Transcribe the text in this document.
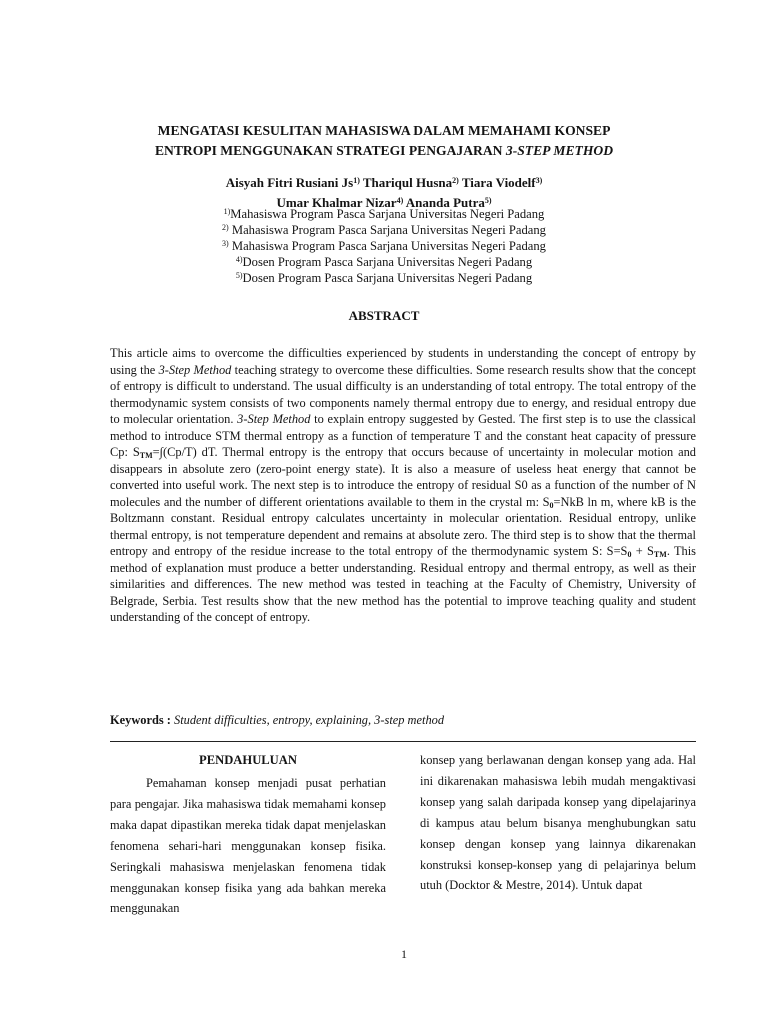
MENGATASI KESULITAN MAHASISWA DALAM MEMAHAMI KONSEP
ENTROPI MENGGUNAKAN STRATEGI PENGAJARAN 3-STEP METHOD
Aisyah Fitri Rusiani Js$^{1)}$ Thariqul Husna$^{2)}$ Tiara Viodelf$^{3)}$
Umar Khalmar Nizar$^{4)}$ Ananda Putra$^{5)}$
$^{1)}$Mahasiswa Program Pasca Sarjana Universitas Negeri Padang
$^{2)}$ Mahasiswa Program Pasca Sarjana Universitas Negeri Padang
$^{3)}$ Mahasiswa Program Pasca Sarjana Universitas Negeri Padang
$^{4)}$Dosen Program Pasca Sarjana Universitas Negeri Padang
$^{5)}$Dosen Program Pasca Sarjana Universitas Negeri Padang
ABSTRACT

This article aims to overcome the difficulties experienced by students in understanding the concept of entropy by using the 3-Step Method teaching strategy to overcome these difficulties. Some research results show that the concept of entropy is difficult to understand. The usual difficulty is an understanding of total entropy. The total entropy of the thermodynamic system consists of two components namely thermal entropy due to energy, and residual entropy due to molecular orientation. 3-Step Method to explain entropy suggested by Gested. The first step is to use the classical method to introduce STM thermal entropy as a function of temperature T and the constant heat capacity of pressure Cp: $S_{TM}=\int(Cp/T)$ dT. Thermal entropy is the entropy that occurs because of uncertainty in molecular motion and disappears in absolute zero (zero-point energy state). It is also a measure of useless heat energy that cannot be converted into useful work. The next step is to introduce the entropy of residual S0 as a function of the number of N molecules and the number of different orientations available to them in the crystal m: $S_0=NkB$ ln m, where kB is the Boltzmann constant. Residual entropy calculates uncertainty in molecular orientation. Residual entropy, unlike thermal entropy, is not temperature dependent and remains at absolute zero. The third step is to show that the thermal entropy and entropy of the residue increase to the total entropy of the thermodynamic system S: $S=S_0 + S_{TM}$. This method of explanation must produce a better understanding. Residual entropy and thermal entropy, as well as their similarities and differences. The new method was tested in teaching at the Faculty of Chemistry, University of Belgrade, Serbia. Test results show that the new method has the potential to improve teaching quality and student understanding of the concept of entropy.

Keywords : Student difficulties, entropy, explaining, 3-step method

PENDAHULUAN

Pemahaman konsep menjadi pusat perhatian para pengajar. Jika mahasiswa tidak memahami konsep maka dapat dipastikan mereka tidak dapat menjelaskan fenomena sehari-hari menggunakan konsep fisika. Seringkali mahasiswa menjelaskan fenomena tidak menggunakan konsep fisika yang ada bahkan mereka menggunakan

konsep yang berlawanan dengan konsep yang ada. Hal ini dikarenakan mahasiswa lebih mudah mengaktivasi konsep yang salah daripada konsep yang dipelajarinya di kampus atau belum bisanya menghubungkan satu konsep dengan konsep yang lainnya dikarenakan konstruksi konsep-konsep yang di pelajarinya belum utuh (Docktor & Mestre, 2014). Untuk dapat

1
